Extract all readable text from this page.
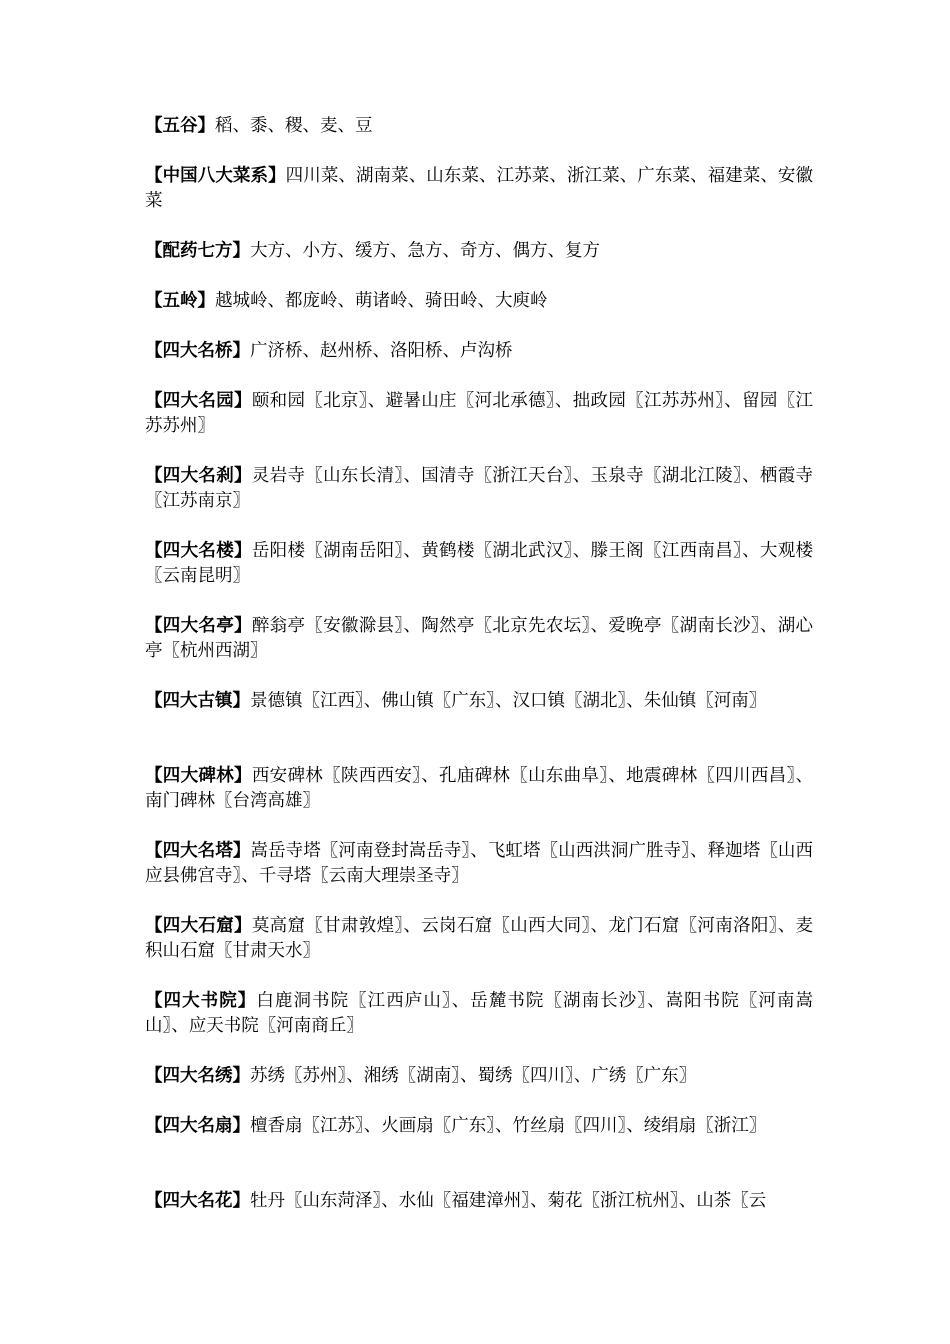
【五谷】稻、黍、稷、麦、豆

【中国八大菜系】四川菜、湖南菜、山东菜、江苏菜、浙江菜、广东菜、福建菜、安徽菜

【配药七方】大方、小方、缓方、急方、奇方、偶方、复方

【五岭】越城岭、都庞岭、萌诸岭、骑田岭、大庾岭

【四大名桥】广济桥、赵州桥、洛阳桥、卢沟桥

【四大名园】颐和园〖北京〗、避暑山庄〖河北承德〗、拙政园〖江苏苏州〗、留园〖江苏苏州〗

【四大名刹】灵岩寺〖山东长清〗、国清寺〖浙江天台〗、玉泉寺〖湖北江陵〗、栖霞寺〖江苏南京〗

【四大名楼】岳阳楼〖湖南岳阳〗、黄鹤楼〖湖北武汉〗、滕王阁〖江西南昌〗、大观楼〖云南昆明〗

【四大名亭】醉翁亭〖安徽滁县〗、陶然亭〖北京先农坛〗、爱晚亭〖湖南长沙〗、湖心亭〖杭州西湖〗

【四大古镇】景德镇〖江西〗、佛山镇〖广东〗、汉口镇〖湖北〗、朱仙镇〖河南〗

【四大碑林】西安碑林〖陕西西安〗、孔庙碑林〖山东曲阜〗、地震碑林〖四川西昌〗、南门碑林〖台湾高雄〗

【四大名塔】嵩岳寺塔〖河南登封嵩岳寺〗、飞虹塔〖山西洪洞广胜寺〗、释迦塔〖山西应县佛宫寺〗、千寻塔〖云南大理崇圣寺〗

【四大石窟】莫高窟〖甘肃敦煌〗、云岗石窟〖山西大同〗、龙门石窟〖河南洛阳〗、麦积山石窟〖甘肃天水〗

【四大书院】白鹿洞书院〖江西庐山〗、岳麓书院〖湖南长沙〗、嵩阳书院〖河南嵩山〗、应天书院〖河南商丘〗

【四大名绣】苏绣〖苏州〗、湘绣〖湖南〗、蜀绣〖四川〗、广绣〖广东〗

【四大名扇】檀香扇〖江苏〗、火画扇〖广东〗、竹丝扇〖四川〗、绫绢扇〖浙江〗

【四大名花】牡丹〖山东菏泽〗、水仙〖福建漳州〗、菊花〖浙江杭州〗、山茶〖云
